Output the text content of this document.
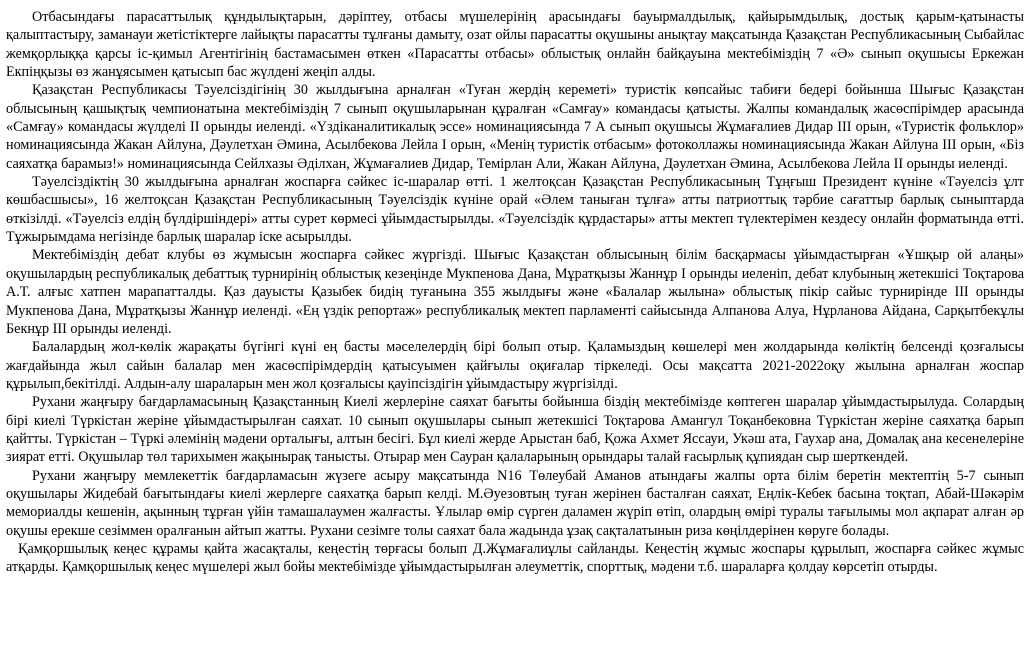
Отбасындағы парасаттылық құндылықтарын, дәріптеу, отбасы мүшелерінің арасындағы бауырмалдылық, қайырымдылық, достық қарым-қатынасты қалыптастыру, заманауи жетістіктерге лайықты парасатты тұлғаны дамыту, озат ойлы парасатты оқушыны анықтау мақсатында Қазақстан Республикасының Сыбайлас жемқорлыққа қарсы іс-қимыл Агентігінің бастамасымен өткен «Парасатты отбасы» облыстық онлайн байқауына мектебіміздің 7 «Ә» сынып оқушысы Еркежан Екпіңқызы өз жанұясымен қатысып бас жүлдені жеңіп алды.

Қазақстан Республикасы Тәуелсіздігінің 30 жылдығына арналған «Туған жердің кереметі» туристік көпсайыс табиғи бедері бойынша Шығыс Қазақстан облысының қашықтық чемпионатына мектебіміздің 7 сынып оқушыларынан құралған «Самғау» командасы қатысты. Жалпы командалық жасөспірімдер арасында «Самғау» командасы жүлделі ІІ орынды иеленді. «Үздіканалитикалық эссе» номинациясында 7 А сынып оқушысы Жұмағалиев Дидар ІІІ орын, «Туристік фольклор» номинациясында Жакан Айлуна, Дәулетхан Әмина, Асылбекова Лейла І орын, «Менің туристік отбасым» фотоколлажы номинациясында Жакан Айлуна ІІІ орын, «Біз саяхатқа барамыз!» номинациясында Сейлхазы Әділхан, Жұмағалиев Дидар, Темірлан Али, Жакан Айлуна, Дәулетхан Әмина, Асылбекова Лейла ІІ орынды иеленді.

Тәуелсіздіктің 30 жылдығына арналған жоспарға сәйкес іс-шаралар өтті. 1 желтоқсан Қазақстан Республикасының Тұңғыш Президент күніне «Тәуелсіз ұлт көшбасшысы», 16 желтоқсан Қазақстан Республикасының Тәуелсіздік күніне орай «Әлем таныған тұлға» атты патриоттық тәрбие сағаттыр барлық сыныптарда өткізілді. «Тәуелсіз елдің бүлдіршіндері» атты сурет көрмесі ұйымдастырылды. «Тәуелсіздік құрдастары» атты мектеп түлектерімен кездесу онлайн форматында өтті. Тұжырымдама негізінде барлық шаралар іске асырылды.

Мектебіміздің дебат клубы өз жұмысын жоспарға сәйкес жүргізді. Шығыс Қазақстан облысының білім басқармасы ұйымдастырған «Ұшқыр ой алаңы» оқушылардың республикалық дебаттық турнирінің облыстық кезеңінде Мукпенова Дана, Мұратқызы Жаннұр І орынды иеленіп, дебат клубының жетекшісі Тоқтарова А.Т. алғыс хатпен марапатталды. Қаз дауысты Қазыбек бидің туғанына 355 жылдығы және «Балалар жылына» облыстық пікір сайыс турнирінде ІІІ орынды Мукпенова Дана, Мұратқызы Жаннұр иеленді. «Ең үздік репортаж» республикалық мектеп парламенті сайысында Алпанова Алуа, Нұрланова Айдана, Сарқытбекұлы Бекнұр ІІІ орынды иеленді.

Балалардың жол-көлік жарақаты бүгінгі күні ең басты мәселелердің бірі болып отыр. Қаламыздың көшелері мен жолдарында көліктің белсенді қозғалысы жағдайында жыл сайын балалар мен жасөспірімдердің қатысуымен қайғылы оқиғалар тіркеледі. Осы мақсатта 2021-2022оқу жылына арналған жоспар құрылып,бекітілді. Алдын-алу шараларын мен жол қозғалысы қауіпсіздігін ұйымдастыру жүргізілді.

Рухани жаңғыру бағдарламасының Қазақстанның Киелі жерлеріне саяхат бағыты бойынша біздің мектебімізде көптеген шаралар ұйымдастырылуда. Солардың бірі киелі Түркістан жеріне ұйымдастырылған саяхат. 10 сынып оқушылары сынып жетекшісі Тоқтарова Амангул Тоқанбековна Түркістан жеріне саяхатқа барып қайтты. Түркістан – Түркі әлемінің мәдени орталығы, алтын бесігі. Бұл киелі жерде Арыстан баб, Қожа Ахмет Яссауи, Укәш ата, Гаухар ана, Домалақ ана кесенелеріне зиярат етті. Оқушылар төл тарихымен жақынырақ танысты. Отырар мен Сауран қалаларының орындары талай ғасырлық құпиядан сыр шерткендей.

Рухани жаңғыру мемлекеттік бағдарламасын жүзеге асыру мақсатында N16 Төлеубай Аманов атындағы жалпы орта білім беретін мектептің 5-7 сынып оқушылары Жидебай бағытындағы киелі жерлерге саяхатқа барып келді. М.Әуезовтың туған жерінен басталған саяхат, Еңлік-Кебек басына тоқтап, Абай-Шәкәрім мемориалды кешенін, ақынның тұрған үйін тамашалаумен жалғасты. Ұлылар өмір сүрген даламен жүріп өтіп, олардың өмірі туралы тағылымы мол ақпарат алған әр оқушы ерекше сезіммен оралғанын айтып жатты. Рухани сезімге толы саяхат бала жадында ұзақ сақталатынын риза көңілдерінен көруге болады.

Қамқоршылық кеңес құрамы қайта жасақталы, кеңестің төрғасы болып Д.Жұмағалиұлы сайланды. Кеңестің жұмыс жоспары құрылып, жоспарға сәйкес жұмыс атқарды. Қамқоршылық кеңес мүшелері жыл бойы мектебімізде ұйымдастырылған әлеуметтік, спорттық, мәдени т.б. шараларға қолдау көрсетіп отырды.
